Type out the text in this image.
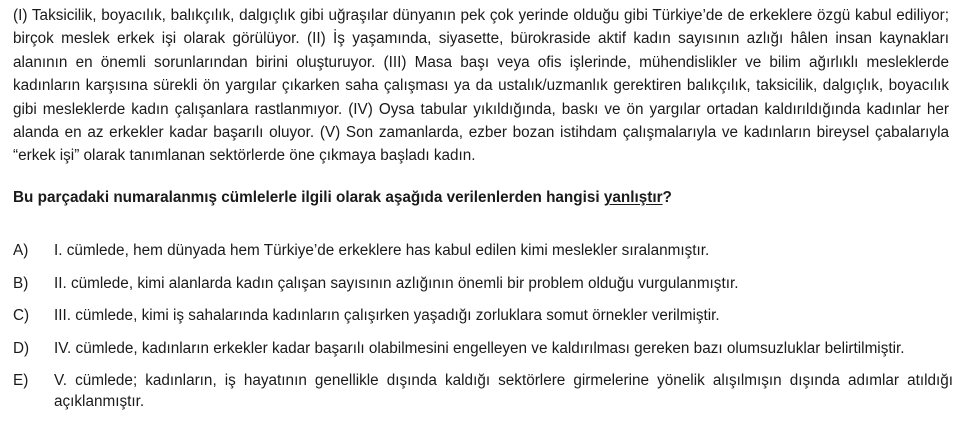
(I) Taksicilik, boyacılık, balıkçılık, dalgıçlık gibi uğraşılar dünyanın pek çok yerinde olduğu gibi Türkiye’de de erkeklere özgü kabul ediliyor; birçok meslek erkek işi olarak görülüyor. (II) İş yaşamında, siyasette, bürokraside aktif kadın sayısının azlığı hâlen insan kaynakları alanının en önemli sorunlarından birini oluşturuyor. (III) Masa başı veya ofis işlerinde, mühendislikler ve bilim ağırlıklı mesleklerde kadınların karşısına sürekli ön yargılar çıkarken saha çalışması ya da ustalık/uzmanlık gerektiren balıkçılık, taksicilik, dalgıçlık, boyacılık gibi mesleklerde kadın çalışanlara rastlanmıyor. (IV) Oysa tabular yıkıldığında, baskı ve ön yargılar ortadan kaldırıldığında kadınlar her alanda en az erkekler kadar başarılı oluyor. (V) Son zamanlarda, ezber bozan istihdam çalışmalarıyla ve kadınların bireysel çabalarıyla “erkek işi” olarak tanımlanan sektörlerde öne çıkmaya başladı kadın.
Bu parçadaki numaralanmış cümlelerle ilgili olarak aşağıda verilenlerden hangisi yanlıştır?
A) I. cümlede, hem dünyada hem Türkiye’de erkeklere has kabul edilen kimi meslekler sıralanmıştır.
B) II. cümlede, kimi alanlarda kadın çalışan sayısının azlığının önemli bir problem olduğu vurgulanmıştır.
C) III. cümlede, kimi iş sahalarında kadınların çalışırken yaşadığı zorluklara somut örnekler verilmiştir.
D) IV. cümlede, kadınların erkekler kadar başarılı olabilmesini engelleyen ve kaldırılması gereken bazı olumsuzluklar belirtilmiştir.
E) V. cümlede; kadınların, iş hayatının genellikle dışında kaldığı sektörlere girmelerine yönelik alışılmışın dışında adımlar atıldığı açıklanmıştır.
